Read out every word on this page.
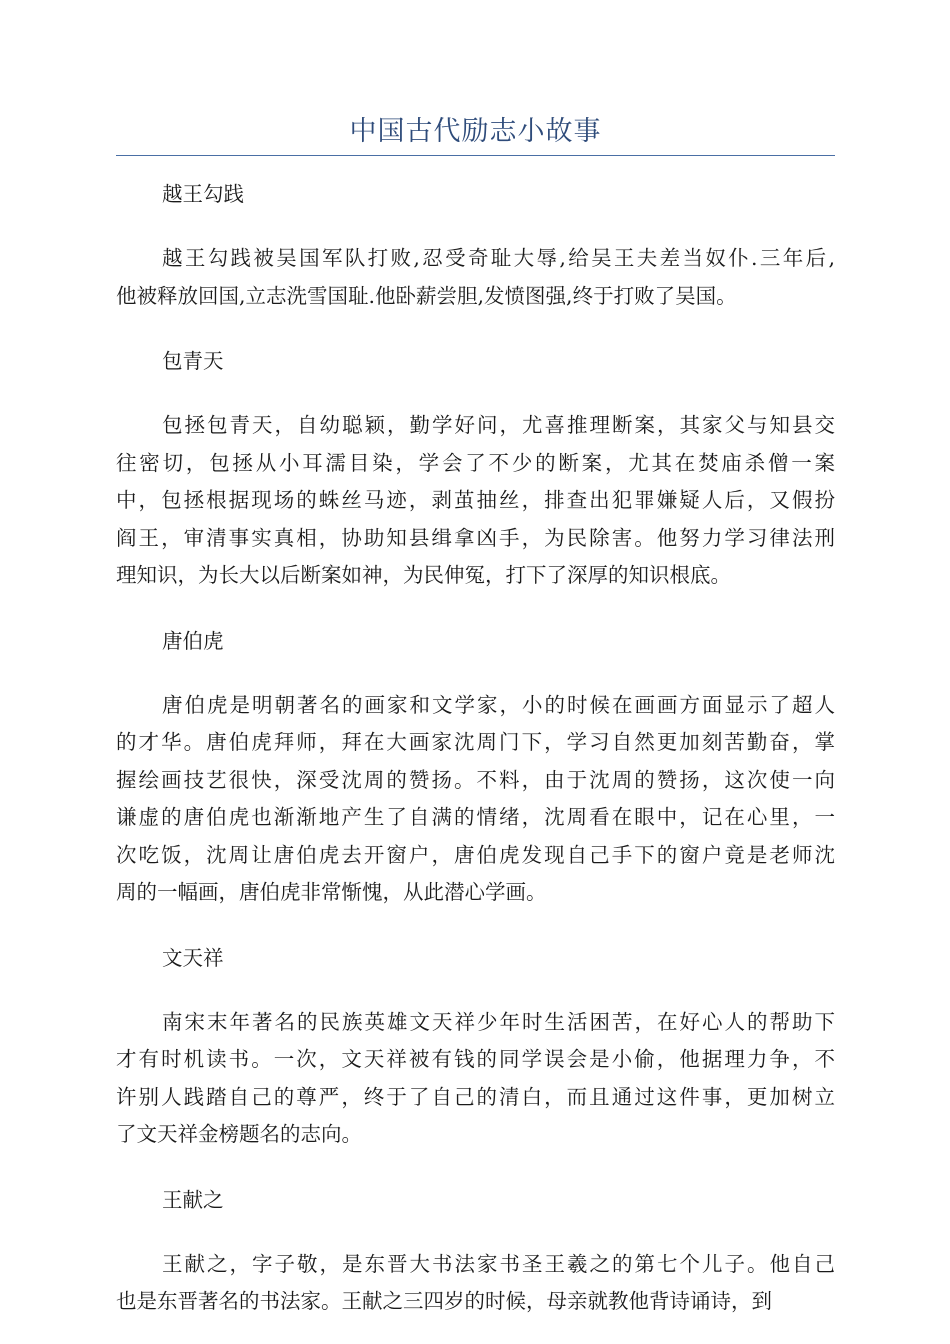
中国古代励志小故事

越王勾践

越王勾践被吴国军队打败,忍受奇耻大辱,给吴王夫差当奴仆.三年后,
他被释放回国,立志洗雪国耻.他卧薪尝胆,发愤图强,终于打败了吴国。

包青天

包拯包青天，自幼聪颖，勤学好问，尤喜推理断案，其家父与知县交
往密切，包拯从小耳濡目染，学会了不少的断案，尤其在焚庙杀僧一案
中，包拯根据现场的蛛丝马迹，剥茧抽丝，排查出犯罪嫌疑人后，又假扮
阎王，审清事实真相，协助知县缉拿凶手，为民除害。他努力学习律法刑
理知识，为长大以后断案如神，为民伸冤，打下了深厚的知识根底。

唐伯虎

唐伯虎是明朝著名的画家和文学家，小的时候在画画方面显示了超人
的才华。唐伯虎拜师，拜在大画家沈周门下，学习自然更加刻苦勤奋，掌
握绘画技艺很快，深受沈周的赞扬。不料，由于沈周的赞扬，这次使一向
谦虚的唐伯虎也渐渐地产生了自满的情绪，沈周看在眼中，记在心里，一
次吃饭，沈周让唐伯虎去开窗户，唐伯虎发现自己手下的窗户竟是老师沈
周的一幅画，唐伯虎非常惭愧，从此潜心学画。

文天祥

南宋末年著名的民族英雄文天祥少年时生活困苦，在好心人的帮助下
才有时机读书。一次，文天祥被有钱的同学误会是小偷，他据理力争，不
许别人践踏自己的尊严，终于了自己的清白，而且通过这件事，更加树立
了文天祥金榜题名的志向。

王献之

王献之，字子敬，是东晋大书法家书圣王羲之的第七个儿子。他自己
也是东晋著名的书法家。王献之三四岁的时候，母亲就教他背诗诵诗，到
